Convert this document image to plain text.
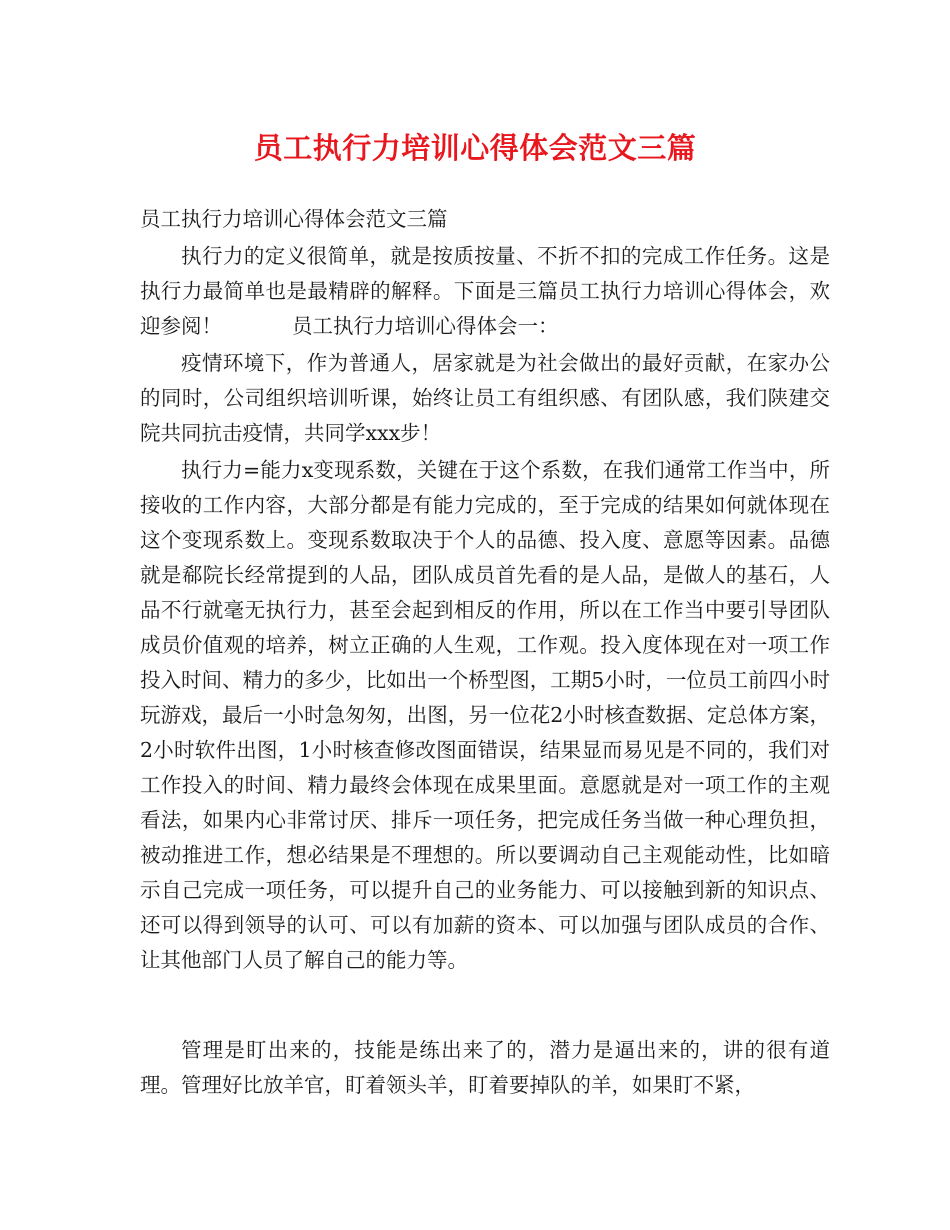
员工执行力培训心得体会范文三篇
员工执行力培训心得体会范文三篇

执行力的定义很简单，就是按质按量、不折不扣的完成工作任务。这是执行力最简单也是最精辟的解释。下面是三篇员工执行力培训心得体会，欢迎参阅！	员工执行力培训心得体会一：

疫情环境下，作为普通人，居家就是为社会做出的最好贡献，在家办公的同时，公司组织培训听课，始终让员工有组织感、有团队感，我们陕建交院共同抗击疫情，共同学xxx步！

执行力=能力x变现系数，关键在于这个系数，在我们通常工作当中，所接收的工作内容，大部分都是有能力完成的，至于完成的结果如何就体现在这个变现系数上。变现系数取决于个人的品德、投入度、意愿等因素。品德就是郗院长经常提到的人品，团队成员首先看的是人品，是做人的基石，人品不行就毫无执行力，甚至会起到相反的作用，所以在工作当中要引导团队成员价值观的培养，树立正确的人生观，工作观。投入度体现在对一项工作投入时间、精力的多少，比如出一个桥型图，工期5小时，一位员工前四小时玩游戏，最后一小时急匆匆，出图，另一位花2小时核查数据、定总体方案，2小时软件出图，1小时核查修改图面错误，结果显而易见是不同的，我们对工作投入的时间、精力最终会体现在成果里面。意愿就是对一项工作的主观看法，如果内心非常讨厌、排斥一项任务，把完成任务当做一种心理负担，被动推进工作，想必结果是不理想的。所以要调动自己主观能动性，比如暗示自己完成一项任务，可以提升自己的业务能力、可以接触到新的知识点、还可以得到领导的认可、可以有加薪的资本、可以加强与团队成员的合作、让其他部门人员了解自己的能力等。

管理是盯出来的，技能是练出来了的，潜力是逼出来的，讲的很有道理。管理好比放羊官，盯着领头羊，盯着要掉队的羊，如果盯不紧，
